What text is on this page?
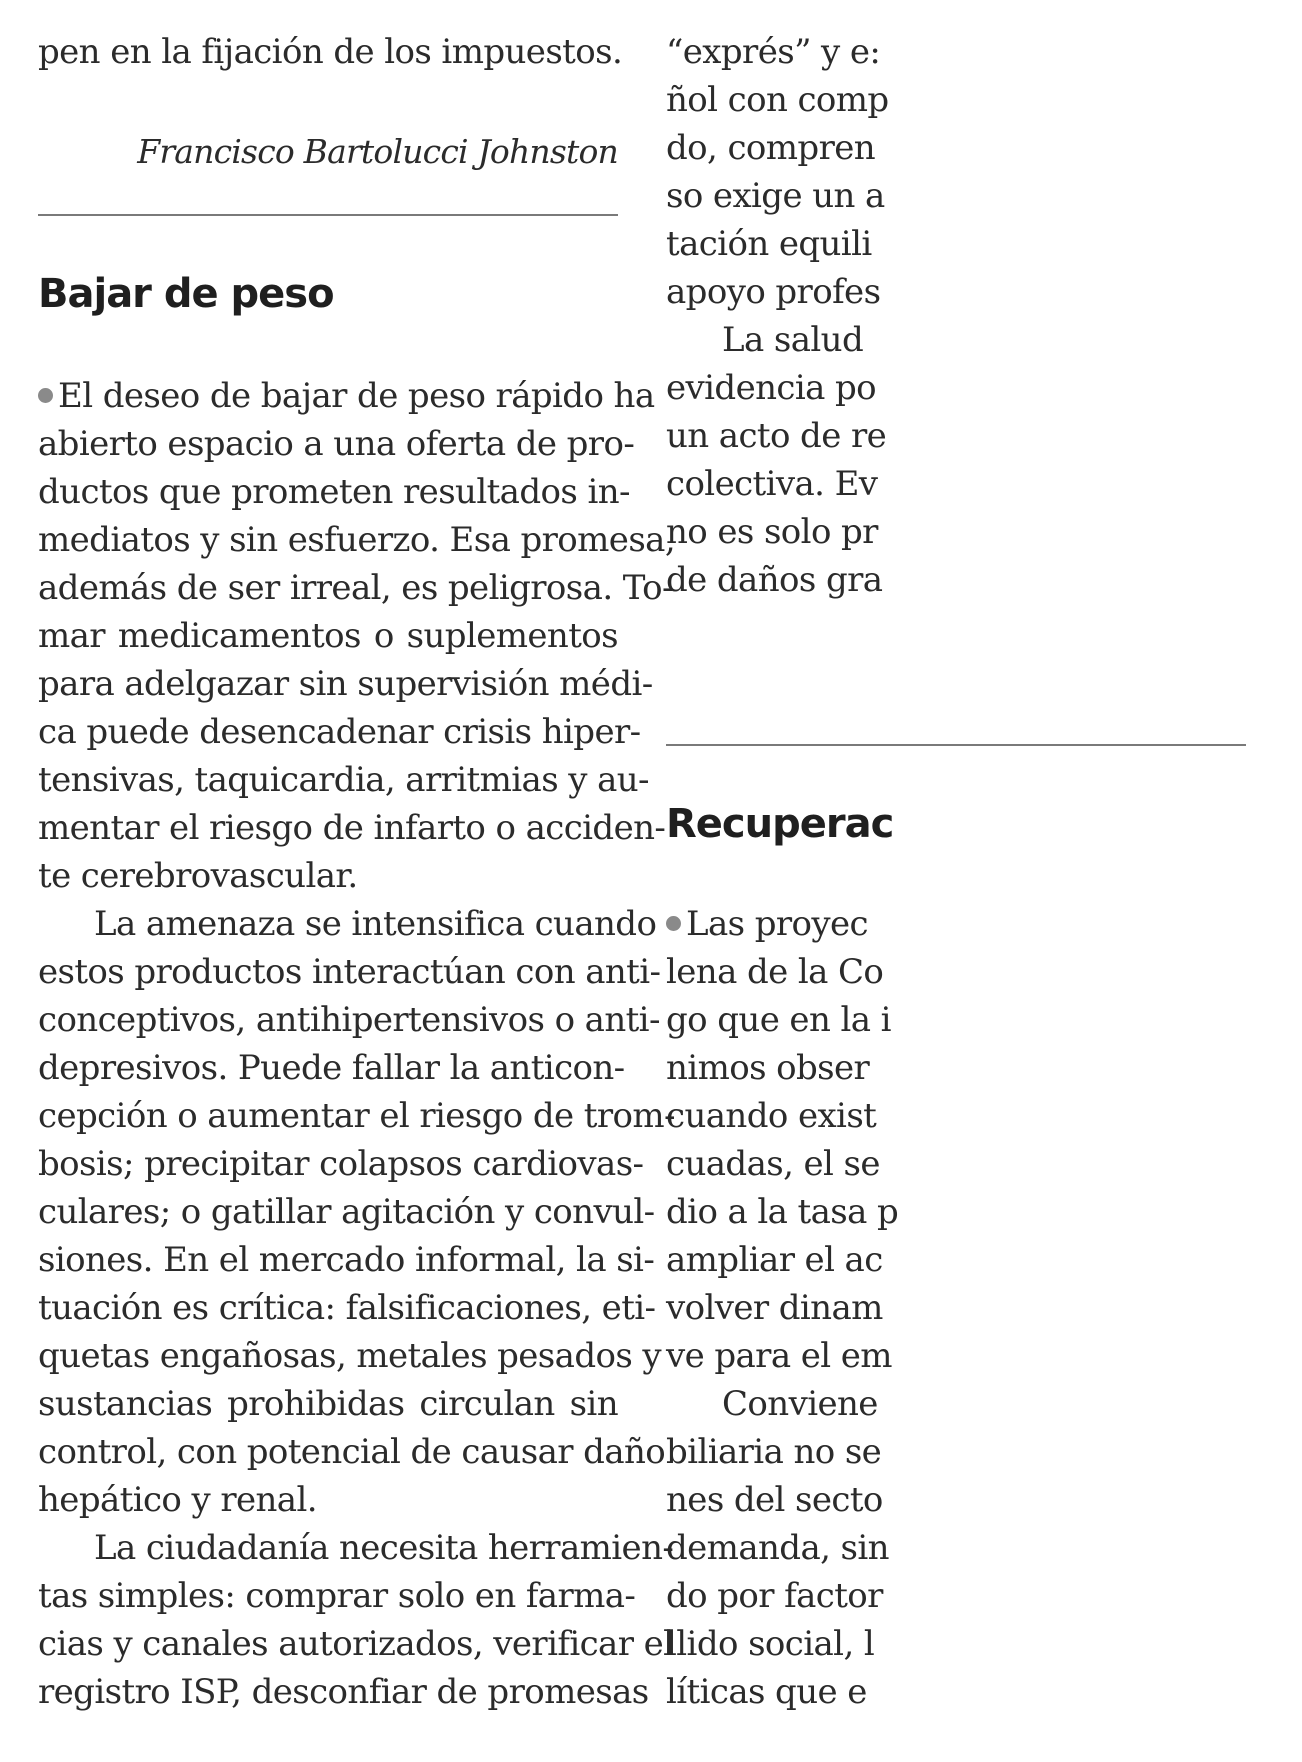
pen en la fijación de los impuestos.
Francisco Bartolucci Johnston
Bajar de peso
El deseo de bajar de peso rápido ha
abierto espacio a una oferta de pro-
ductos que prometen resultados in-
mediatos y sin esfuerzo. Esa promesa,
además de ser irreal, es peligrosa. To-
mar medicamentos o suplementos
para adelgazar sin supervisión médi-
ca puede desencadenar crisis hiper-
tensivas, taquicardia, arritmias y au-
mentar el riesgo de infarto o acciden-
te cerebrovascular.
La amenaza se intensifica cuando
estos productos interactúan con anti-
conceptivos, antihipertensivos o anti-
depresivos. Puede fallar la anticon-
cepción o aumentar el riesgo de trom-
bosis; precipitar colapsos cardiovas-
culares; o gatillar agitación y convul-
siones. En el mercado informal, la si-
tuación es crítica: falsificaciones, eti-
quetas engañosas, metales pesados y
sustancias prohibidas circulan sin
control, con potencial de causar daño
hepático y renal.
La ciudadanía necesita herramien-
tas simples: comprar solo en farma-
cias y canales autorizados, verificar el
registro ISP, desconfiar de promesas
“exprés” y e:
ñol con comp
do, compren
so exige un a
tación equili
apoyo profes
La salud
evidencia po
un acto de re
colectiva. Ev
no es solo pr
de daños gra
Recuperac
Las proyec
lena de la Co
go que en la i
nimos obser
cuando exist
cuadas, el se
dio a la tasa p
ampliar el ac
volver dinam
ve para el em
Conviene
biliaria no se
nes del secto
demanda, sin
do por factor
llido social, l
líticas que e
